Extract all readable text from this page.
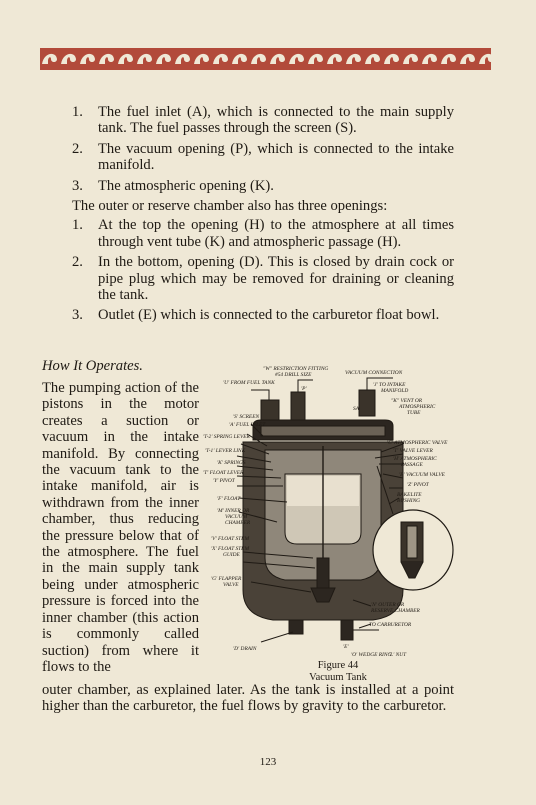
1.	The fuel inlet (A), which is connected to the main supply tank. The fuel passes through the screen (S).
2.	The vacuum opening (P), which is connected to the intake manifold.
3.	The atmospheric opening (K).

The outer or reserve chamber also has three openings:

1.	At the top the opening (H) to the atmosphere at all times through vent tube (K) and atmospheric passage (H).
2.	In the bottom, opening (D). This is closed by drain cock or pipe plug which may be removed for draining or cleaning the tank.
3.	Outlet (E) which is connected to the carburetor float bowl.
How It Operates.

The pumping action of the pistons in the motor creates a suction or vacuum in the intake manifold. By connecting the vacuum tank to the intake manifold, air is withdrawn from the inner chamber, thus reducing the pressure below that of the atmosphere. The fuel in the main supply tank being under atmospheric pressure is forced into the inner chamber (this action is commonly called suction) from where it flows to the

"W" RESTRICTION FITTING
#54 DRILL SIZE	VACUUM CONNECTION
'U' FROM FUEL TANK
'P'
'J' TO INTAKE
MANIFOLD
"K" VENT OR
ATMOSPHERIC
TUBE
'S' SCREEN
'A' FUEL INLET
SA
'T-2' SPRING LEVER
'T-1' LEVER LINK
'K' SPRINGS
'T' FLOAT LEVER
'Y' PIVOT
'C' ATMOSPHERIC VALVE
'T' VALVE LEVER
'H' ATMOSPHERIC
PASSAGE
'B' VACUUM VALVE
'Z' PIVOT
BAKELITE
BUSHING
'F' FLOAT
'M' INNER OR
VACUUM
CHAMBER
'V' FLOAT STEM
'X' FLOAT STEM
GUIDE
'G' FLAPPER
VALVE
'N' OUTER OR
RESERVE CHAMBER
TO CARBURETOR
'D' DRAIN	'E'
'O' WEDGE RING
'L' NUT
Figure 44
Vacuum Tank

outer chamber, as explained later. As the tank is installed at a point higher than the carburetor, the fuel flows by gravity to the carburetor.

123
